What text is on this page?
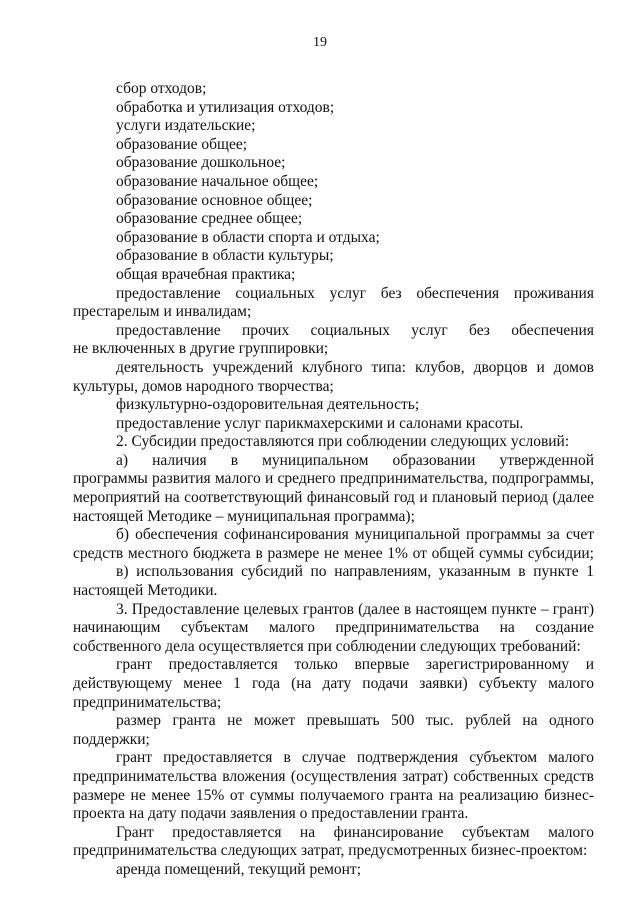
19
сбор отходов;
обработка и утилизация отходов;
услуги издательские;
образование общее;
образование дошкольное;
образование начальное общее;
образование основное общее;
образование среднее общее;
образование в области спорта и отдыха;
образование в области культуры;
общая врачебная практика;
предоставление социальных услуг без обеспечения проживания
престарелым и инвалидам;
предоставление прочих социальных услуг без обеспечения
не включенных в другие группировки;
деятельность учреждений клубного типа: клубов, дворцов и домов
культуры, домов народного творчества;
физкультурно-оздоровительная деятельность;
предоставление услуг парикмахерскими и салонами красоты.
2. Субсидии предоставляются при соблюдении следующих условий:
а) наличия в муниципальном образовании утвержденной
программы развития малого и среднего предпринимательства, подпрограммы,
мероприятий на соответствующий финансовый год и плановый период (далее
настоящей Методике – муниципальная программа);
б) обеспечения софинансирования муниципальной программы за счет
средств местного бюджета в размере не менее 1% от общей суммы субсидии;
в) использования субсидий по направлениям, указанным в пункте 1
настоящей Методики.
3. Предоставление целевых грантов (далее в настоящем пункте – грант)
начинающим субъектам малого предпринимательства на создание
собственного дела осуществляется при соблюдении следующих требований:
грант предоставляется только впервые зарегистрированному и
действующему менее 1 года (на дату подачи заявки) субъекту малого
предпринимательства;
размер гранта не может превышать 500 тыс. рублей на одного
поддержки;
грант предоставляется в случае подтверждения субъектом малого
предпринимательства вложения (осуществления затрат) собственных средств
размере не менее 15% от суммы получаемого гранта на реализацию бизнес-
проекта на дату подачи заявления о предоставлении гранта.
Грант предоставляется на финансирование субъектам малого
предпринимательства следующих затрат, предусмотренных бизнес-проектом:
аренда помещений, текущий ремонт;
